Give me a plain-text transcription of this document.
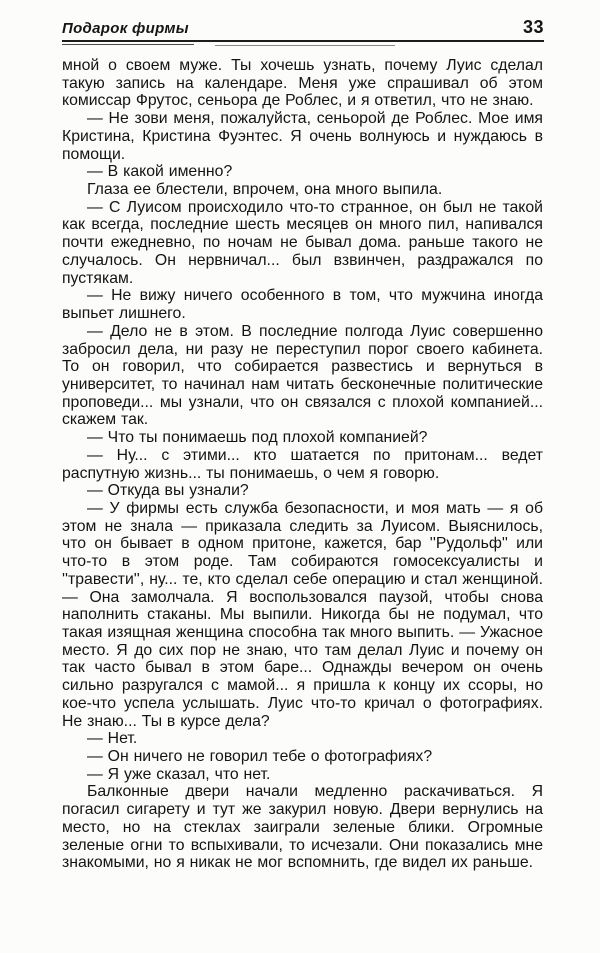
Подарок фирмы	33

мной о своем муже. Ты хочешь узнать, почему Луис сделал такую запись на календаре. Меня уже спрашивал об этом комиссар Фрутос, сеньора де Роблес, и я ответил, что не знаю.

— Не зови меня, пожалуйста, сеньорой де Роблес. Мое имя Кристина, Кристина Фуэнтес. Я очень волнуюсь и нуждаюсь в помощи.

— В какой именно?

Глаза ее блестели, впрочем, она много выпила.

— С Луисом происходило что-то странное, он был не такой как всегда, последние шесть месяцев он много пил, напивался почти ежедневно, по ночам не бывал дома. раньше такого не случалось. Он нервничал... был взвинчен, раздражался по пустякам.

— Не вижу ничего особенного в том, что мужчина иногда выпьет лишнего.

— Дело не в этом. В последние полгода Луис совершенно забросил дела, ни разу не переступил порог своего кабинета. То он говорил, что собирается развестись и вернуться в университет, то начинал нам читать бесконечные политические проповеди... мы узнали, что он связался с плохой компанией... скажем так.

— Что ты понимаешь под плохой компанией?

— Ну... с этими... кто шатается по притонам... ведет распутную жизнь... ты понимаешь, о чем я говорю.

— Откуда вы узнали?

— У фирмы есть служба безопасности, и моя мать — я об этом не знала — приказала следить за Луисом. Выяснилось, что он бывает в одном притоне, кажется, бар ''Рудольф'' или что-то в этом роде. Там собираются гомосексуалисты и ''травести'', ну... те, кто сделал себе операцию и стал женщиной. — Она замолчала. Я воспользовался паузой, чтобы снова наполнить стаканы. Мы выпили. Никогда бы не подумал, что такая изящная женщина способна так много выпить. — Ужасное место. Я до сих пор не знаю, что там делал Луис и почему он так часто бывал в этом баре... Однажды вечером он очень сильно разругался с мамой... я пришла к концу их ссоры, но кое-что успела услышать. Луис что-то кричал о фотографиях. Не знаю... Ты в курсе дела?

— Нет.

— Он ничего не говорил тебе о фотографиях?

— Я уже сказал, что нет.

Балконные двери начали медленно раскачиваться. Я погасил сигарету и тут же закурил новую. Двери вернулись на место, но на стеклах заиграли зеленые блики. Огромные зеленые огни то вспыхивали, то исчезали. Они показались мне знакомыми, но я никак не мог вспомнить, где видел их раньше.
